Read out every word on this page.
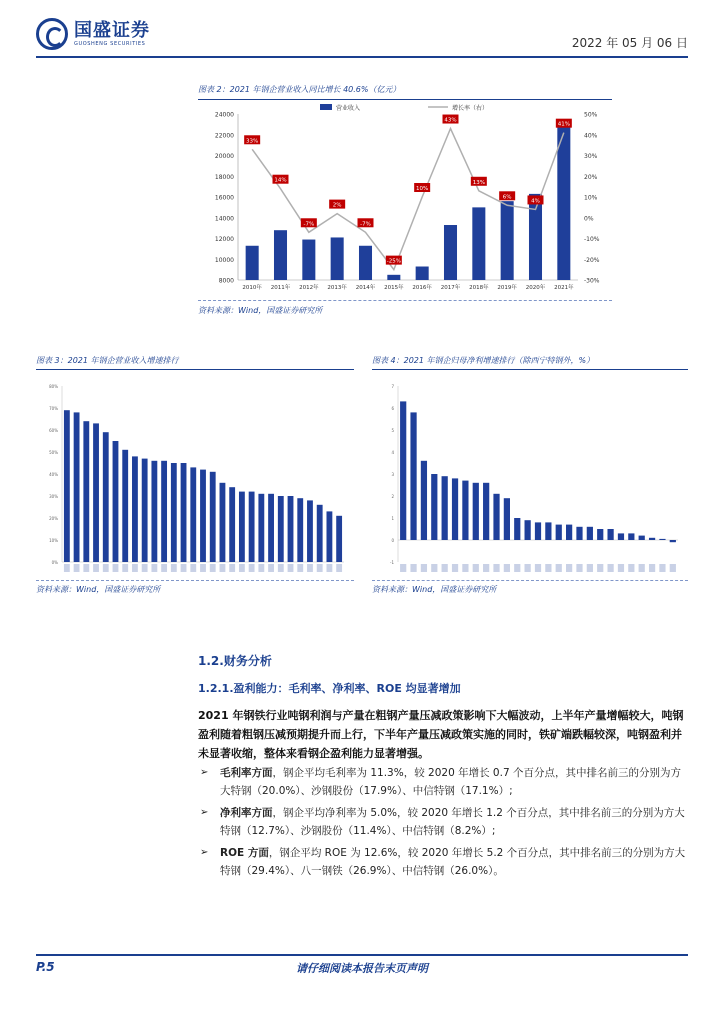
国盛证券
GUOSHENG SECURITIES	2022 年 05 月 06 日
图表 2：2021 年钢企营业收入同比增长 40.6%（亿元）
24000
22000
20000
18000
16000
14000
12000
10000
8000
50%
40%
30%
20%
10%
0%
-10%
-20%
-30%
2010年 2011年 2012年 2013年 2014年 2015年 2016年 2017年 2018年 2019年 2020年 2021年
33%
14%
-7%
2%
-7%
-25%
10%
43%
13%
6%
4%
41%
营业收入	增长率（右）
资料来源：Wind，国盛证券研究所
图表 3：2021 年钢企营业收入增速排行
80%
70%
60%
50%
40%
30%
20%
10%
0%
资料来源：Wind，国盛证券研究所
图表 4：2021 年钢企归母净利增速排行（除西宁特钢外，%）
7
6
5
4
3
2
1
0
-1
资料来源：Wind，国盛证券研究所
1.2.财务分析
1.2.1.盈利能力：毛利率、净利率、ROE 均显著增加
2021 年钢铁行业吨钢利润与产量在粗钢产量压减政策影响下大幅波动，上半年产量增幅较大，吨钢盈利随着粗钢压减预期提升而上行，下半年产量压减政策实施的同时，铁矿端跌幅较深，吨钢盈利并未显著收缩，整体来看钢企盈利能力显著增强。
➢ 毛利率方面，钢企平均毛利率为 11.3%，较 2020 年增长 0.7 个百分点，其中排名前三的分别为方大特钢（20.0%）、沙钢股份（17.9%）、中信特钢（17.1%）;
➢ 净利率方面，钢企平均净利率为 5.0%，较 2020 年增长 1.2 个百分点，其中排名前三的分别为方大特钢（12.7%）、沙钢股份（11.4%）、中信特钢（8.2%）;
➢ ROE 方面，钢企平均 ROE 为 12.6%，较 2020 年增长 5.2 个百分点，其中排名前三的分别为方大特钢（29.4%）、八一钢铁（26.9%）、中信特钢（26.0%）。
P.5	请仔细阅读本报告末页声明
